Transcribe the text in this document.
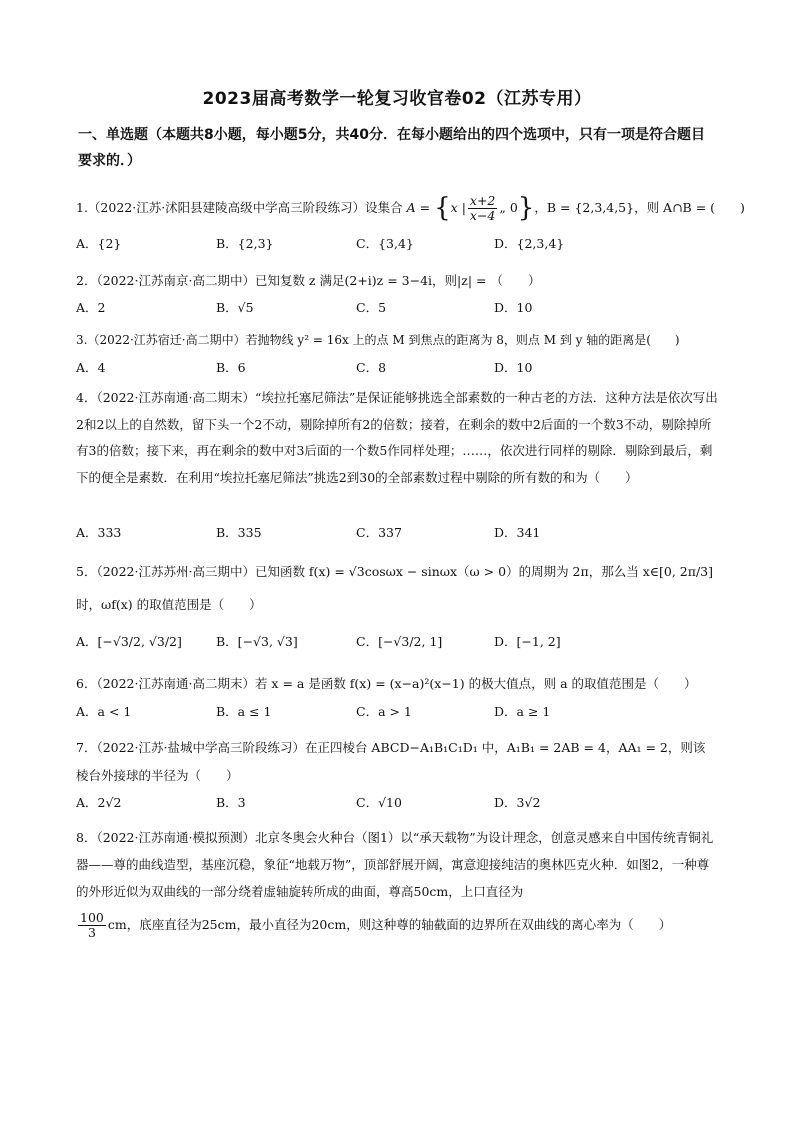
2023届高考数学一轮复习收官卷02（江苏专用）
一、单选题（本题共8小题，每小题5分，共40分．在每小题给出的四个选项中，只有一项是符合题目要求的．）
1.（2022·江苏·沭阳县建陵高级中学高三阶段练习）设集合 A = {x | $\frac{x+2}{x-4}$ „ 0}，B = {2,3,4,5}，则 A∩B = (　　)
A．{2}	B．{2,3}	C．{3,4}	D．{2,3,4}
2．（2022·江苏南京·高二期中）已知复数 z 满足(2+i)z = 3−4i，则|z| = （　　）
A．2	B．√5	C．5	D．10
3.（2022·江苏宿迁·高二期中）若抛物线 y² = 16x 上的点 M 到焦点的距离为 8，则点 M 到 y 轴的距离是(　　)
A．4	B．6	C．8	D．10
4．（2022·江苏南通·高二期末）“埃拉托塞尼筛法”是保证能够挑选全部素数的一种古老的方法．这种方法是依次写出2和2以上的自然数，留下头一个2不动，剔除掉所有2的倍数；接着，在剩余的数中2后面的一个数3不动，剔除掉所有3的倍数；接下来，再在剩余的数中对3后面的一个数5作同样处理；……，依次进行同样的剔除．剔除到最后，剩下的便全是素数．在利用“埃拉托塞尼筛法”挑选2到30的全部素数过程中剔除的所有数的和为（　　）
A．333	B．335	C．337	D．341
5．（2022·江苏苏州·高三期中）已知函数 f(x) = √3cosωx − sinωx（ω > 0）的周期为 2π，那么当 x∈[0, 2π/3]
时，ωf(x) 的取值范围是（　　）
A．[−√3/2, √3/2]	B．[−√3, √3]	C．[−√3/2, 1]	D．[−1, 2]
6．（2022·江苏南通·高二期末）若 x = a 是函数 f(x) = (x−a)²(x−1) 的极大值点，则 a 的取值范围是（　　）
A．a < 1	B．a ≤ 1	C．a > 1	D．a ≥ 1
7．（2022·江苏·盐城中学高三阶段练习）在正四棱台 ABCD−A₁B₁C₁D₁ 中，A₁B₁ = 2AB = 4，AA₁ = 2，则该
棱台外接球的半径为（　　）
A．2√2	B．3	C．√10	D．3√2
8．（2022·江苏南通·模拟预测）北京冬奥会火种台（图1）以“承天载物”为设计理念，创意灵感来自中国传统青铜礼器——尊的曲线造型，基座沉稳，象征“地载万物”，顶部舒展开阔，寓意迎接纯洁的奥林匹克火种．如图2，一种尊的外形近似为双曲线的一部分绕着虚轴旋转所成的曲面，尊高50cm，上口直径为
$\frac{100}{3}$ cm，底座直径为25cm，最小直径为20cm，则这种尊的轴截面的边界所在双曲线的离心率为（　　）
